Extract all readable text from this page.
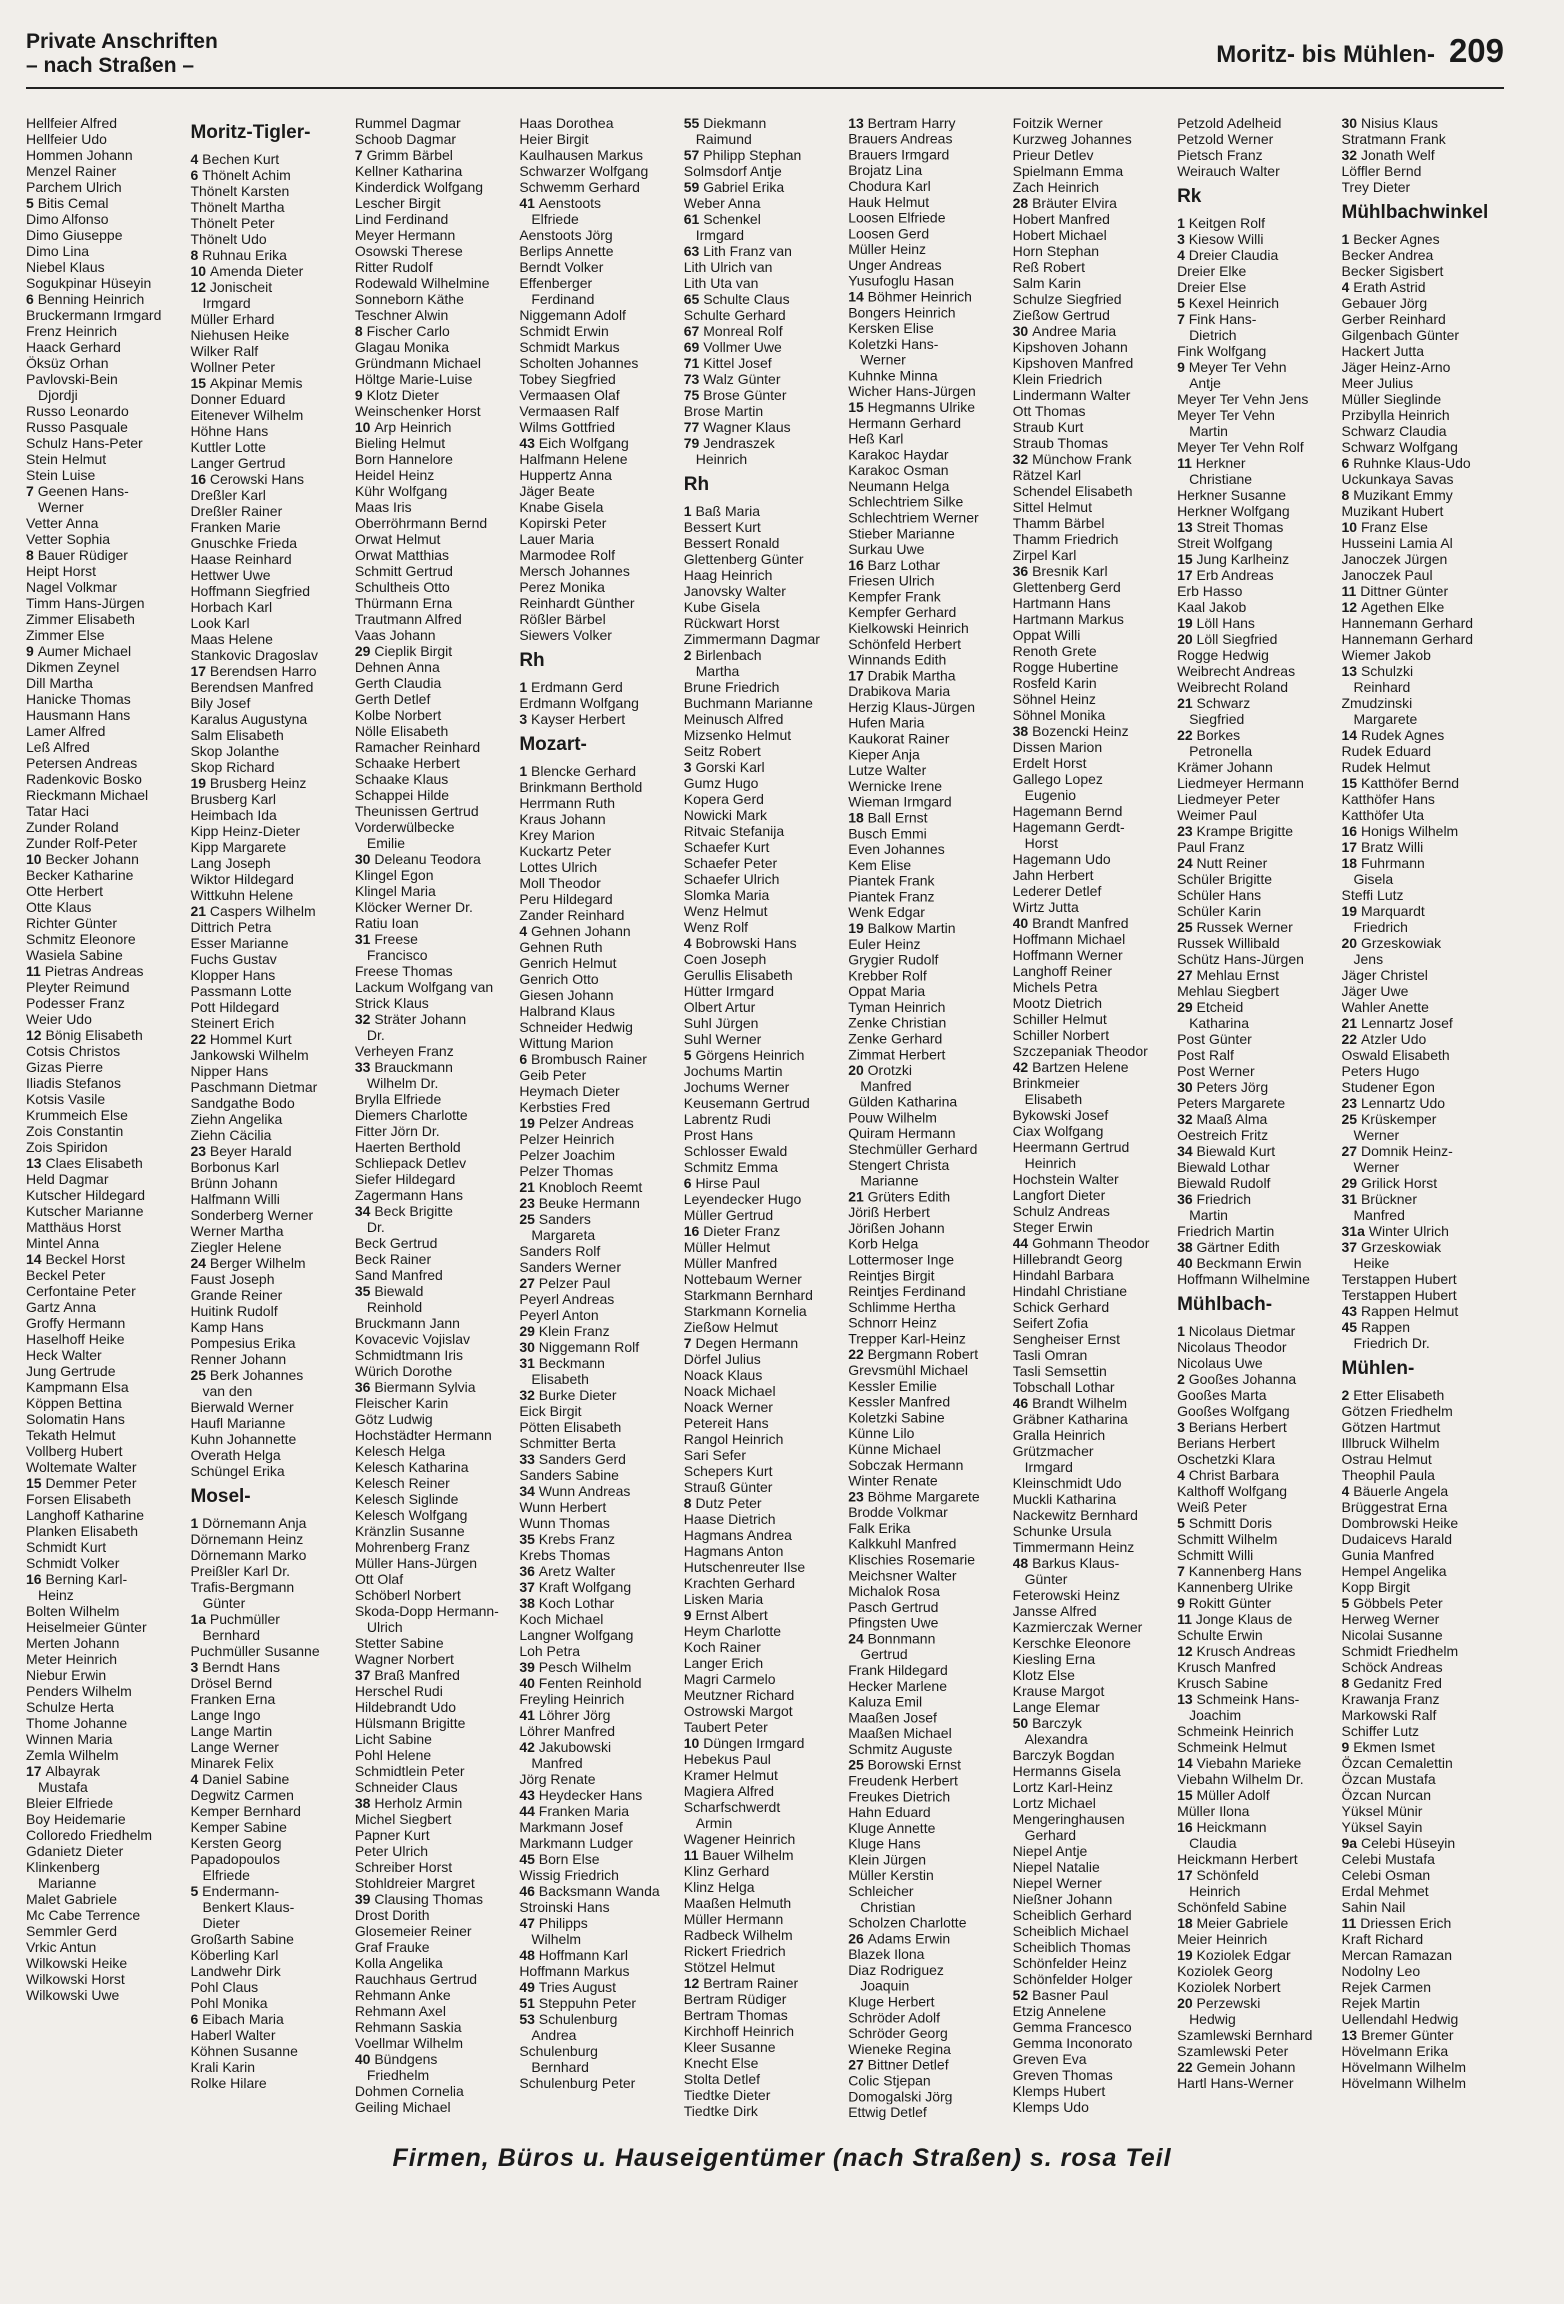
Private Anschriften
– nach Straßen –	Moritz- bis Mühlen- 209
Hellfeier Alfred
Hellfeier Udo
Hommen Johann
Menzel Rainer
Parchem Ulrich
5 Bitis Cemal
Dimo Alfonso
Dimo Giuseppe
Dimo Lina
Niebel Klaus
Sogukpinar Hüseyin
6 Benning Heinrich
Bruckermann Irmgard
Frenz Heinrich
Haack Gerhard
Öksüz Orhan
Pavlovski-Bein
Djordji
Russo Leonardo
Russo Pasquale
Schulz Hans-Peter
Stein Helmut
Stein Luise
7 Geenen Hans-
Werner
Vetter Anna
Vetter Sophia
8 Bauer Rüdiger
Heipt Horst
Nagel Volkmar
Timm Hans-Jürgen
Zimmer Elisabeth
Zimmer Else
9 Aumer Michael
Dikmen Zeynel
Dill Martha
Hanicke Thomas
Hausmann Hans
Lamer Alfred
Leß Alfred
Petersen Andreas
Radenkovic Bosko
Rieckmann Michael
Tatar Haci
Zunder Roland
Zunder Rolf-Peter
10 Becker Johann
Becker Katharine
Otte Herbert
Otte Klaus
Richter Günter
Schmitz Eleonore
Wasiela Sabine
11 Pietras Andreas
Pleyter Reimund
Podesser Franz
Weier Udo
12 Bönig Elisabeth
Cotsis Christos
Gizas Pierre
Iliadis Stefanos
Kotsis Vasile
Krummeich Else
Zois Constantin
Zois Spiridon
13 Claes Elisabeth
Held Dagmar
Kutscher Hildegard
Kutscher Marianne
Matthäus Horst
Mintel Anna
14 Beckel Horst
Beckel Peter
Cerfontaine Peter
Gartz Anna
Groffy Hermann
Haselhoff Heike
Heck Walter
Jung Gertrude
Kampmann Elsa
Köppen Bettina
Solomatin Hans
Tekath Helmut
Vollberg Hubert
Woltemate Walter
15 Demmer Peter
Forsen Elisabeth
Langhoff Katharine
Planken Elisabeth
Schmidt Kurt
Schmidt Volker
16 Berning Karl-
Heinz
Bolten Wilhelm
Heiselmeier Günter
Merten Johann
Meter Heinrich
Niebur Erwin
Penders Wilhelm
Schulze Herta
Thome Johanne
Winnen Maria
Zemla Wilhelm
17 Albayrak
Mustafa
Bleier Elfriede
Boy Heidemarie
Colloredo Friedhelm
Gdanietz Dieter
Klinkenberg
Marianne
Malet Gabriele
Mc Cabe Terrence
Semmler Gerd
Vrkic Antun
Wilkowski Heike
Wilkowski Horst
Wilkowski Uwe
Moritz-Tigler-
4 Bechen Kurt
6 Thönelt Achim
Thönelt Karsten
Thönelt Martha
Thönelt Peter
Thönelt Udo
8 Ruhnau Erika
10 Amenda Dieter
12 Jonischeit
Irmgard
Müller Erhard
Niehusen Heike
Wilker Ralf
Wollner Peter
15 Akpinar Memis
Donner Eduard
Eitenever Wilhelm
Höhne Hans
Kuttler Lotte
Langer Gertrud
16 Cerowski Hans
Dreßler Karl
Dreßler Rainer
Franken Marie
Gnuschke Frieda
Haase Reinhard
Hettwer Uwe
Hoffmann Siegfried
Horbach Karl
Look Karl
Maas Helene
Stankovic Dragoslav
17 Berendsen Harro
Berendsen Manfred
Bily Josef
Karalus Augustyna
Salm Elisabeth
Skop Jolanthe
Skop Richard
19 Brusberg Heinz
Brusberg Karl
Heimbach Ida
Kipp Heinz-Dieter
Kipp Margarete
Lang Joseph
Wiktor Hildegard
Wittkuhn Helene
21 Caspers Wilhelm
Dittrich Petra
Esser Marianne
Fuchs Gustav
Klopper Hans
Passmann Lotte
Pott Hildegard
Steinert Erich
22 Hommel Kurt
Jankowski Wilhelm
Nipper Hans
Paschmann Dietmar
Sandgathe Bodo
Ziehn Angelika
Ziehn Cäcilia
23 Beyer Harald
Borbonus Karl
Brünn Johann
Halfmann Willi
Sonderberg Werner
Werner Martha
Ziegler Helene
24 Berger Wilhelm
Faust Joseph
Grande Reiner
Huitink Rudolf
Kamp Hans
Pompesius Erika
Renner Johann
25 Berk Johannes
van den
Bierwald Werner
Haufl Marianne
Kuhn Johannette
Overath Helga
Schüngel Erika
Mosel-
1 Dörnemann Anja
Dörnemann Heinz
Dörnemann Marko
Preißler Karl Dr.
Trafis-Bergmann
Günter
1a Puchmüller
Bernhard
Puchmüller Susanne
3 Berndt Hans
Drösel Bernd
Franken Erna
Lange Ingo
Lange Martin
Lange Werner
Minarek Felix
4 Daniel Sabine
Degwitz Carmen
Kemper Bernhard
Kemper Sabine
Kersten Georg
Papadopoulos
Elfriede
5 Endermann-
Benkert Klaus-
Dieter
Großarth Sabine
Köberling Karl
Landwehr Dirk
Pohl Claus
Pohl Monika
6 Eibach Maria
Haberl Walter
Köhnen Susanne
Krali Karin
Rolke Hilare
Rummel Dagmar
Schoob Dagmar
7 Grimm Bärbel
Kellner Katharina
Kinderdick Wolfgang
Lescher Birgit
Lind Ferdinand
Meyer Hermann
Osowski Therese
Ritter Rudolf
Rodewald Wilhelmine
Sonneborn Käthe
Teschner Alwin
8 Fischer Carlo
Glagau Monika
Gründmann Michael
Höltge Marie-Luise
9 Klotz Dieter
Weinschenker Horst
10 Arp Heinrich
Bieling Helmut
Born Hannelore
Heidel Heinz
Kühr Wolfgang
Maas Iris
Oberröhrmann Bernd
Orwat Helmut
Orwat Matthias
Schmitt Gertrud
Schultheis Otto
Thürmann Erna
Trautmann Alfred
Vaas Johann
29 Cieplik Birgit
Dehnen Anna
Gerth Claudia
Gerth Detlef
Kolbe Norbert
Nölle Elisabeth
Ramacher Reinhard
Schaake Herbert
Schaake Klaus
Schappei Hilde
Theunissen Gertrud
Vorderwülbecke
Emilie
30 Deleanu Teodora
Klingel Egon
Klingel Maria
Klöcker Werner Dr.
Ratiu Ioan
31 Freese
Francisco
Freese Thomas
Lackum Wolfgang van
Strick Klaus
32 Sträter Johann
Dr.
Verheyen Franz
33 Brauckmann
Wilhelm Dr.
Brylla Elfriede
Diemers Charlotte
Fitter Jörn Dr.
Haerten Berthold
Schliepack Detlev
Siefer Hildegard
Zagermann Hans
34 Beck Brigitte
Dr.
Beck Gertrud
Beck Rainer
Sand Manfred
35 Biewald
Reinhold
Bruckmann Jann
Kovacevic Vojislav
Schmidtmann Iris
Würich Dorothe
36 Biermann Sylvia
Fleischer Karin
Götz Ludwig
Hochstädter Hermann
Kelesch Helga
Kelesch Katharina
Kelesch Reiner
Kelesch Siglinde
Kelesch Wolfgang
Kränzlin Susanne
Mohrenberg Franz
Müller Hans-Jürgen
Ott Olaf
Schöberl Norbert
Skoda-Dopp Hermann-
Ulrich
Stetter Sabine
Wagner Norbert
37 Braß Manfred
Herschel Rudi
Hildebrandt Udo
Hülsmann Brigitte
Licht Sabine
Pohl Helene
Schmidtlein Peter
Schneider Claus
38 Herholz Armin
Michel Siegbert
Papner Kurt
Peter Ulrich
Schreiber Horst
Stohldreier Margret
39 Clausing Thomas
Drost Dorith
Glosemeier Reiner
Graf Frauke
Kolla Angelika
Rauchhaus Gertrud
Rehmann Anke
Rehmann Axel
Rehmann Saskia
Voellmar Wilhelm
40 Bündgens
Friedhelm
Dohmen Cornelia
Geiling Michael
Haas Dorothea
Heier Birgit
Kaulhausen Markus
Schwarzer Wolfgang
Schwemm Gerhard
41 Aenstoots
Elfriede
Aenstoots Jörg
Berlips Annette
Berndt Volker
Effenberger
Ferdinand
Niggemann Adolf
Schmidt Erwin
Schmidt Markus
Scholten Johannes
Tobey Siegfried
Vermaasen Olaf
Vermaasen Ralf
Wilms Gottfried
43 Eich Wolfgang
Halfmann Helene
Huppertz Anna
Jäger Beate
Knabe Gisela
Kopirski Peter
Lauer Maria
Marmodee Rolf
Mersch Johannes
Perez Monika
Reinhardt Günther
Rößler Bärbel
Siewers Volker
Rh
1 Erdmann Gerd
Erdmann Wolfgang
3 Kayser Herbert
Mozart-
1 Blencke Gerhard
Brinkmann Berthold
Herrmann Ruth
Kraus Johann
Krey Marion
Kuckartz Peter
Lottes Ulrich
Moll Theodor
Peru Hildegard
Zander Reinhard
4 Gehnen Johann
Gehnen Ruth
Genrich Helmut
Genrich Otto
Giesen Johann
Halbrand Klaus
Schneider Hedwig
Wittung Marion
6 Brombusch Rainer
Geib Peter
Heymach Dieter
Kerbsties Fred
19 Pelzer Andreas
Pelzer Heinrich
Pelzer Joachim
Pelzer Thomas
21 Knobloch Reemt
23 Beuke Hermann
25 Sanders
Margareta
Sanders Rolf
Sanders Werner
27 Pelzer Paul
Peyerl Andreas
Peyerl Anton
29 Klein Franz
30 Niggemann Rolf
31 Beckmann
Elisabeth
32 Burke Dieter
Eick Birgit
Pötten Elisabeth
Schmitter Berta
33 Sanders Gerd
Sanders Sabine
34 Wunn Andreas
Wunn Herbert
Wunn Thomas
35 Krebs Franz
Krebs Thomas
36 Aretz Walter
37 Kraft Wolfgang
38 Koch Lothar
Koch Michael
Langner Wolfgang
Loh Petra
39 Pesch Wilhelm
40 Fenten Reinhold
Freyling Heinrich
41 Löhrer Jörg
Löhrer Manfred
42 Jakubowski
Manfred
Jörg Renate
43 Heydecker Hans
44 Franken Maria
Markmann Josef
Markmann Ludger
45 Born Else
Wissig Friedrich
46 Backsmann Wanda
Stroinski Hans
47 Philipps
Wilhelm
48 Hoffmann Karl
Hoffmann Markus
49 Tries August
51 Steppuhn Peter
53 Schulenburg
Andrea
Schulenburg
Bernhard
Schulenburg Peter
55 Diekmann
Raimund
57 Philipp Stephan
Solmsdorf Antje
59 Gabriel Erika
Weber Anna
61 Schenkel
Irmgard
63 Lith Franz van
Lith Ulrich van
Lith Uta van
65 Schulte Claus
Schulte Gerhard
67 Monreal Rolf
69 Vollmer Uwe
71 Kittel Josef
73 Walz Günter
75 Brose Günter
Brose Martin
77 Wagner Klaus
79 Jendraszek
Heinrich
Rh
1 Baß Maria
Bessert Kurt
Bessert Ronald
Glettenberg Günter
Haag Heinrich
Janovsky Walter
Kube Gisela
Rückwart Horst
Zimmermann Dagmar
2 Birlenbach
Martha
Brune Friedrich
Buchmann Marianne
Meinusch Alfred
Mizsenko Helmut
Seitz Robert
3 Gorski Karl
Gumz Hugo
Kopera Gerd
Nowicki Mark
Ritvaic Stefanija
Schaefer Kurt
Schaefer Peter
Schaefer Ulrich
Slomka Maria
Wenz Helmut
Wenz Rolf
4 Bobrowski Hans
Coen Joseph
Gerullis Elisabeth
Hütter Irmgard
Olbert Artur
Suhl Jürgen
Suhl Werner
5 Görgens Heinrich
Jochums Martin
Jochums Werner
Keusemann Gertrud
Labrentz Rudi
Prost Hans
Schlosser Ewald
Schmitz Emma
6 Hirse Paul
Leyendecker Hugo
Müller Gertrud
16 Dieter Franz
Müller Helmut
Müller Manfred
Nottebaum Werner
Starkmann Bernhard
Starkmann Kornelia
Zießow Helmut
7 Degen Hermann
Dörfel Julius
Noack Klaus
Noack Michael
Noack Werner
Petereit Hans
Rangol Heinrich
Sari Sefer
Schepers Kurt
Strauß Günter
8 Dutz Peter
Haase Dietrich
Hagmans Andrea
Hagmans Anton
Hutschenreuter Ilse
Krachten Gerhard
Lisken Maria
9 Ernst Albert
Heym Charlotte
Koch Rainer
Langer Erich
Magri Carmelo
Meutzner Richard
Ostrowski Margot
Taubert Peter
10 Düngen Irmgard
Hebekus Paul
Kramer Helmut
Magiera Alfred
Scharfschwerdt
Armin
Wagener Heinrich
11 Bauer Wilhelm
Klinz Gerhard
Klinz Helga
Maaßen Helmuth
Müller Hermann
Radbeck Wilhelm
Rickert Friedrich
Stötzel Helmut
12 Bertram Rainer
Bertram Rüdiger
Bertram Thomas
Kirchhoff Heinrich
Kleer Susanne
Knecht Else
Stolta Detlef
Tiedtke Dieter
Tiedtke Dirk
13 Bertram Harry
Brauers Andreas
Brauers Irmgard
Brojatz Lina
Chodura Karl
Hauk Helmut
Loosen Elfriede
Loosen Gerd
Müller Heinz
Unger Andreas
Yusufoglu Hasan
14 Böhmer Heinrich
Bongers Heinrich
Kersken Elise
Koletzki Hans-
Werner
Kuhnke Minna
Wicher Hans-Jürgen
15 Hegmanns Ulrike
Hermann Gerhard
Heß Karl
Karakoc Haydar
Karakoc Osman
Neumann Helga
Schlechtriem Silke
Schlechtriem Werner
Stieber Marianne
Surkau Uwe
16 Barz Lothar
Friesen Ulrich
Kempfer Frank
Kempfer Gerhard
Kielkowski Heinrich
Schönfeld Herbert
Winnands Edith
17 Drabik Martha
Drabikova Maria
Herzig Klaus-Jürgen
Hufen Maria
Kaukorat Rainer
Kieper Anja
Lutze Walter
Wernicke Irene
Wieman Irmgard
18 Ball Ernst
Busch Emmi
Even Johannes
Kem Elise
Piantek Frank
Piantek Franz
Wenk Edgar
19 Balkow Martin
Euler Heinz
Grygier Rudolf
Krebber Rolf
Oppat Maria
Tyman Heinrich
Zenke Christian
Zenke Gerhard
Zimmat Herbert
20 Orotzki
Manfred
Gülden Katharina
Pouw Wilhelm
Quiram Hermann
Stechmüller Gerhard
Stengert Christa
Marianne
21 Grüters Edith
Jöriß Herbert
Jörißen Johann
Korb Helga
Lottermoser Inge
Reintjes Birgit
Reintjes Ferdinand
Schlimme Hertha
Schnorr Heinz
Trepper Karl-Heinz
22 Bergmann Robert
Grevsmühl Michael
Kessler Emilie
Kessler Manfred
Koletzki Sabine
Künne Lilo
Künne Michael
Sobczak Hermann
Winter Renate
23 Böhme Margarete
Brodde Volkmar
Falk Erika
Kalkkuhl Manfred
Klischies Rosemarie
Meichsner Walter
Michalok Rosa
Pasch Gertrud
Pfingsten Uwe
24 Bonnmann
Gertrud
Frank Hildegard
Hecker Marlene
Kaluza Emil
Maaßen Josef
Maaßen Michael
Schmitz Auguste
25 Borowski Ernst
Freudenk Herbert
Freukes Dietrich
Hahn Eduard
Kluge Annette
Kluge Hans
Klein Jürgen
Müller Kerstin
Schleicher
Christian
Scholzen Charlotte
26 Adams Erwin
Blazek Ilona
Diaz Rodriguez
Joaquin
Kluge Herbert
Schröder Adolf
Schröder Georg
Wieneke Regina
27 Bittner Detlef
Colic Stjepan
Domogalski Jörg
Ettwig Detlef
Foitzik Werner
Kurzweg Johannes
Prieur Detlev
Spielmann Emma
Zach Heinrich
28 Bräuter Elvira
Hobert Manfred
Hobert Michael
Horn Stephan
Reß Robert
Salm Karin
Schulze Siegfried
Zießow Gertrud
30 Andree Maria
Kipshoven Johann
Kipshoven Manfred
Klein Friedrich
Lindermann Walter
Ott Thomas
Straub Kurt
Straub Thomas
32 Münchow Frank
Rätzel Karl
Schendel Elisabeth
Sittel Helmut
Thamm Bärbel
Thamm Friedrich
Zirpel Karl
36 Bresnik Karl
Glettenberg Gerd
Hartmann Hans
Hartmann Markus
Oppat Willi
Renoth Grete
Rogge Hubertine
Rosfeld Karin
Söhnel Heinz
Söhnel Monika
38 Bozencki Heinz
Dissen Marion
Erdelt Horst
Gallego Lopez
Eugenio
Hagemann Bernd
Hagemann Gerdt-
Horst
Hagemann Udo
Jahn Herbert
Lederer Detlef
Wirtz Jutta
40 Brandt Manfred
Hoffmann Michael
Hoffmann Werner
Langhoff Reiner
Michels Petra
Mootz Dietrich
Schiller Helmut
Schiller Norbert
Szczepaniak Theodor
42 Bartzen Helene
Brinkmeier
Elisabeth
Bykowski Josef
Ciax Wolfgang
Heermann Gertrud
Heinrich
Hochstein Walter
Langfort Dieter
Schulz Andreas
Steger Erwin
44 Gohmann Theodor
Hillebrandt Georg
Hindahl Barbara
Hindahl Christiane
Schick Gerhard
Seifert Zofia
Sengheiser Ernst
Tasli Omran
Tasli Semsettin
Tobschall Lothar
46 Brandt Wilhelm
Gräbner Katharina
Gralla Heinrich
Grützmacher
Irmgard
Kleinschmidt Udo
Muckli Katharina
Nackewitz Bernhard
Schunke Ursula
Timmermann Heinz
48 Barkus Klaus-
Günter
Feterowski Heinz
Jansse Alfred
Kazmierczak Werner
Kerschke Eleonore
Kiesling Erna
Klotz Else
Krause Margot
Lange Elemar
50 Barczyk
Alexandra
Barczyk Bogdan
Hermanns Gisela
Lortz Karl-Heinz
Lortz Michael
Mengeringhausen
Gerhard
Niepel Antje
Niepel Natalie
Niepel Werner
Nießner Johann
Scheiblich Gerhard
Scheiblich Michael
Scheiblich Thomas
Schönfelder Heinz
Schönfelder Holger
52 Basner Paul
Etzig Annelene
Gemma Francesco
Gemma Inconorato
Greven Eva
Greven Thomas
Klemps Hubert
Klemps Udo
Petzold Adelheid
Petzold Werner
Pietsch Franz
Weirauch Walter
Rk
1 Keitgen Rolf
3 Kiesow Willi
4 Dreier Claudia
Dreier Elke
Dreier Else
5 Kexel Heinrich
7 Fink Hans-
Dietrich
Fink Wolfgang
9 Meyer Ter Vehn
Antje
Meyer Ter Vehn Jens
Meyer Ter Vehn
Martin
Meyer Ter Vehn Rolf
11 Herkner
Christiane
Herkner Susanne
Herkner Wolfgang
13 Streit Thomas
Streit Wolfgang
15 Jung Karlheinz
17 Erb Andreas
Erb Hasso
Kaal Jakob
19 Löll Hans
20 Löll Siegfried
Rogge Hedwig
Weibrecht Andreas
Weibrecht Roland
21 Schwarz
Siegfried
22 Borkes
Petronella
Krämer Johann
Liedmeyer Hermann
Liedmeyer Peter
Weimer Paul
23 Krampe Brigitte
Paul Franz
24 Nutt Reiner
Schüler Brigitte
Schüler Hans
Schüler Karin
25 Russek Werner
Russek Willibald
Schütz Hans-Jürgen
27 Mehlau Ernst
Mehlau Siegbert
29 Etcheid
Katharina
Post Günter
Post Ralf
Post Werner
30 Peters Jörg
Peters Margarete
32 Maaß Alma
Oestreich Fritz
34 Biewald Kurt
Biewald Lothar
Biewald Rudolf
36 Friedrich
Martin
Friedrich Martin
38 Gärtner Edith
40 Beckmann Erwin
Hoffmann Wilhelmine
Mühlbach-
1 Nicolaus Dietmar
Nicolaus Theodor
Nicolaus Uwe
2 Gooßes Johanna
Gooßes Marta
Gooßes Wolfgang
3 Berians Herbert
Berians Herbert
Oschetzki Klara
4 Christ Barbara
Kalthoff Wolfgang
Weiß Peter
5 Schmitt Doris
Schmitt Wilhelm
Schmitt Willi
7 Kannenberg Hans
Kannenberg Ulrike
9 Rokitt Günter
11 Jonge Klaus de
Schulte Erwin
12 Krusch Andreas
Krusch Manfred
Krusch Sabine
13 Schmeink Hans-
Joachim
Schmeink Heinrich
Schmeink Helmut
14 Viebahn Marieke
Viebahn Wilhelm Dr.
15 Müller Adolf
Müller Ilona
16 Heickmann
Claudia
Heickmann Herbert
17 Schönfeld
Heinrich
Schönfeld Sabine
18 Meier Gabriele
Meier Heinrich
19 Koziolek Edgar
Koziolek Georg
Koziolek Norbert
20 Perzewski
Hedwig
Szamlewski Bernhard
Szamlewski Peter
22 Gemein Johann
Hartl Hans-Werner
30 Nisius Klaus
Stratmann Frank
32 Jonath Welf
Löffler Bernd
Trey Dieter
Mühlbachwinkel
1 Becker Agnes
Becker Andrea
Becker Sigisbert
4 Erath Astrid
Gebauer Jörg
Gerber Reinhard
Gilgenbach Günter
Hackert Jutta
Jäger Heinz-Arno
Meer Julius
Müller Sieglinde
Przibylla Heinrich
Schwarz Claudia
Schwarz Wolfgang
6 Ruhnke Klaus-Udo
Uckunkaya Savas
8 Muzikant Emmy
Muzikant Hubert
10 Franz Else
Husseini Lamia Al
Janoczek Jürgen
Janoczek Paul
11 Dittner Günter
12 Agethen Elke
Hannemann Gerhard
Hannemann Gerhard
Wiemer Jakob
13 Schulzki
Reinhard
Zmudzinski
Margarete
14 Rudek Agnes
Rudek Eduard
Rudek Helmut
15 Katthöfer Bernd
Katthöfer Hans
Katthöfer Uta
16 Honigs Wilhelm
17 Bratz Willi
18 Fuhrmann
Gisela
Steffi Lutz
19 Marquardt
Friedrich
20 Grzeskowiak
Jens
Jäger Christel
Jäger Uwe
Wahler Anette
21 Lennartz Josef
22 Atzler Udo
Oswald Elisabeth
Peters Hugo
Studener Egon
23 Lennartz Udo
25 Krüskemper
Werner
27 Domnik Heinz-
Werner
29 Grilick Horst
31 Brückner
Manfred
31a Winter Ulrich
37 Grzeskowiak
Heike
Terstappen Hubert
Terstappen Hubert
43 Rappen Helmut
45 Rappen
Friedrich Dr.
Mühlen-
2 Etter Elisabeth
Götzen Friedhelm
Götzen Hartmut
Illbruck Wilhelm
Ostrau Helmut
Theophil Paula
4 Bäuerle Angela
Brüggestrat Erna
Dombrowski Heike
Dudaicevs Harald
Gunia Manfred
Hempel Angelika
Kopp Birgit
5 Göbbels Peter
Herweg Werner
Nicolai Susanne
Schmidt Friedhelm
Schöck Andreas
8 Gedanitz Fred
Krawanja Franz
Markowski Ralf
Schiffer Lutz
9 Ekmen Ismet
Özcan Cemalettin
Özcan Mustafa
Özcan Nurcan
Yüksel Münir
Yüksel Sayin
9a Celebi Hüseyin
Celebi Mustafa
Celebi Osman
Erdal Mehmet
Sahin Nail
11 Driessen Erich
Kraft Richard
Mercan Ramazan
Nodolny Leo
Rejek Carmen
Rejek Martin
Uellendahl Hedwig
13 Bremer Günter
Hövelmann Erika
Hövelmann Wilhelm
Hövelmann Wilhelm
Firmen, Büros u. Hauseigentümer (nach Straßen) s. rosa Teil
